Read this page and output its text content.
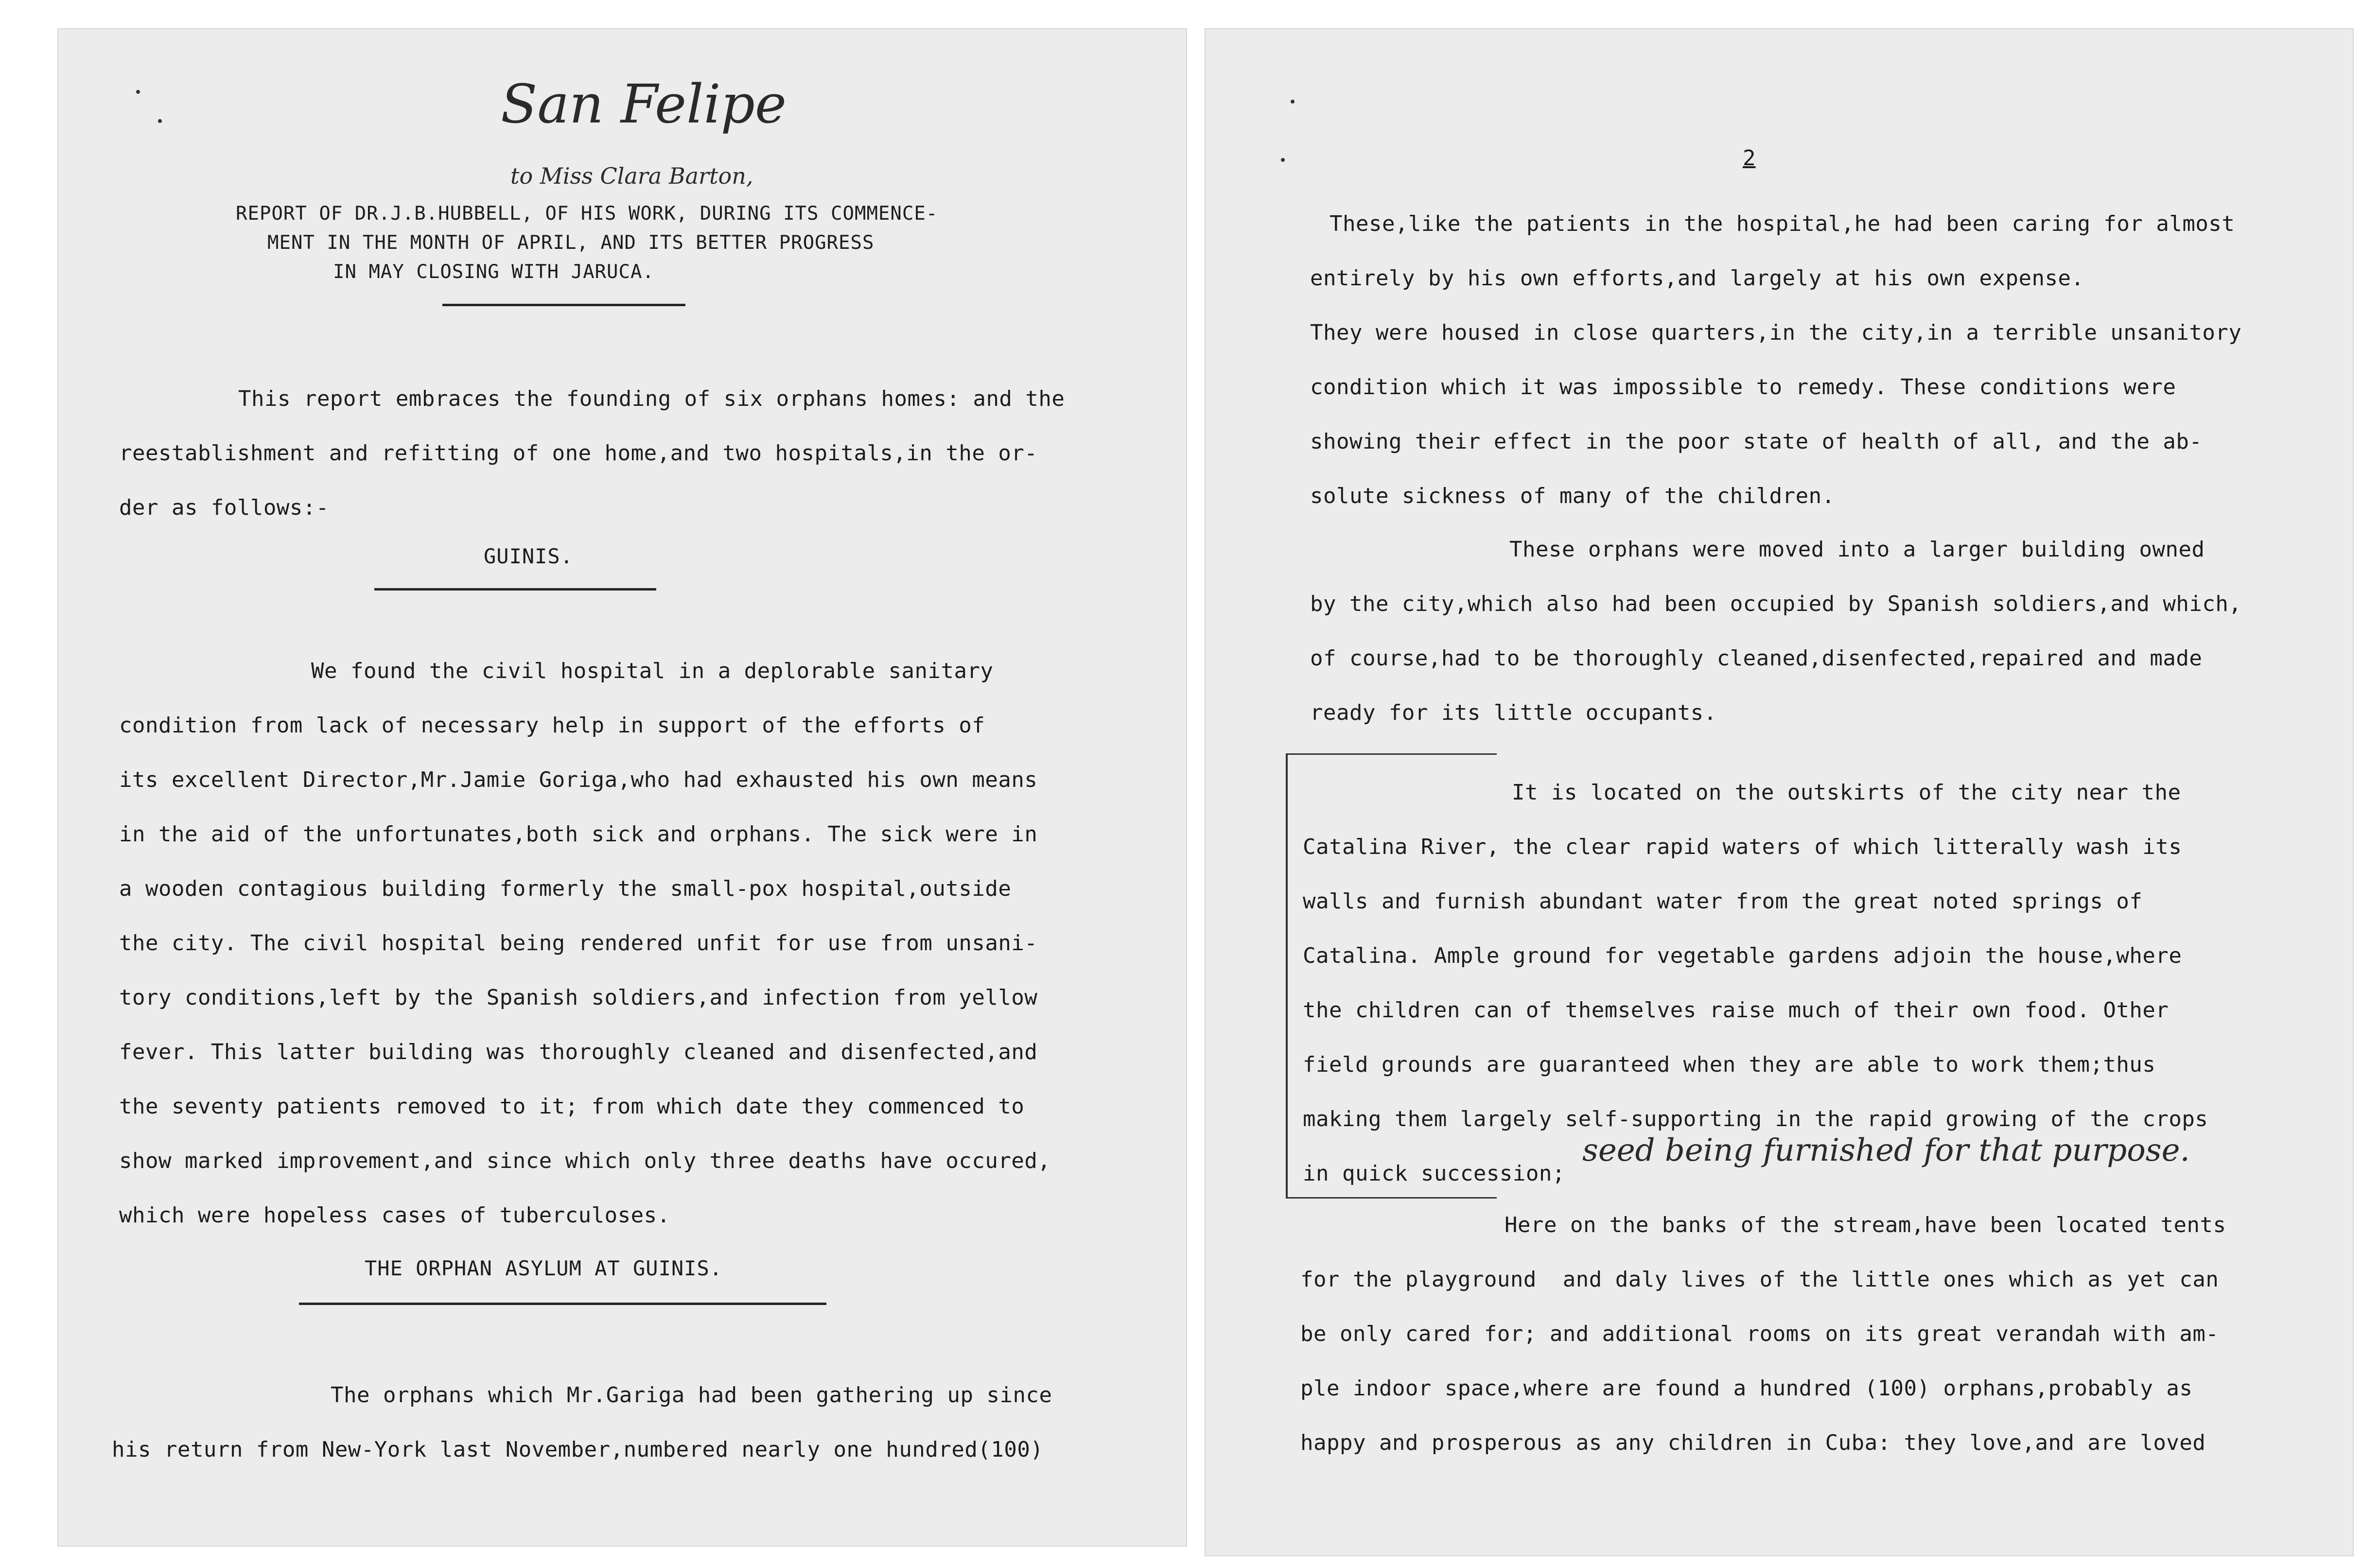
San Felipe
to Miss Clara Barton,
REPORT OF DR.J.B.HUBBELL, OF HIS WORK, DURING ITS COMMENCE-
MENT IN THE MONTH OF APRIL, AND ITS BETTER PROGRESS
IN MAY CLOSING WITH JARUCA.
This report embraces the founding of six orphans homes: and the
reestablishment and refitting of one home,and two hospitals,in the or-
der as follows:-
GUINIS.
We found the civil hospital in a deplorable sanitary
condition from lack of necessary help in support of the efforts of
its excellent Director,Mr.Jamie Goriga,who had exhausted his own means
in the aid of the unfortunates,both sick and orphans. The sick were in
a wooden contagious building formerly the small-pox hospital,outside
the city. The civil hospital being rendered unfit for use from unsani-
tory conditions,left by the Spanish soldiers,and infection from yellow
fever. This latter building was thoroughly cleaned and disenfected,and
the seventy patients removed to it; from which date they commenced to
show marked improvement,and since which only three deaths have occured,
which were hopeless cases of tuberculoses.
THE ORPHAN ASYLUM AT GUINIS.
The orphans which Mr.Gariga had been gathering up since
his return from New-York last November,numbered nearly one hundred(100)
2
These,like the patients in the hospital,he had been caring for almost
entirely by his own efforts,and largely at his own expense.
They were housed in close quarters,in the city,in a terrible unsanitory
condition which it was impossible to remedy. These conditions were
showing their effect in the poor state of health of all, and the ab-
solute sickness of many of the children.
These orphans were moved into a larger building owned
by the city,which also had been occupied by Spanish soldiers,and which,
of course,had to be thoroughly cleaned,disenfected,repaired and made
ready for its little occupants.
It is located on the outskirts of the city near the
Catalina River, the clear rapid waters of which litterally wash its
walls and furnish abundant water from the great noted springs of
Catalina. Ample ground for vegetable gardens adjoin the house,where
the children can of themselves raise much of their own food. Other
field grounds are guaranteed when they are able to work them;thus
making them largely self-supporting in the rapid growing of the crops
in quick succession;
seed being furnished for that purpose.
Here on the banks of the stream,have been located tents
for the playground  and daly lives of the little ones which as yet can
be only cared for; and additional rooms on its great verandah with am-
ple indoor space,where are found a hundred (100) orphans,probably as
happy and prosperous as any children in Cuba: they love,and are loved
